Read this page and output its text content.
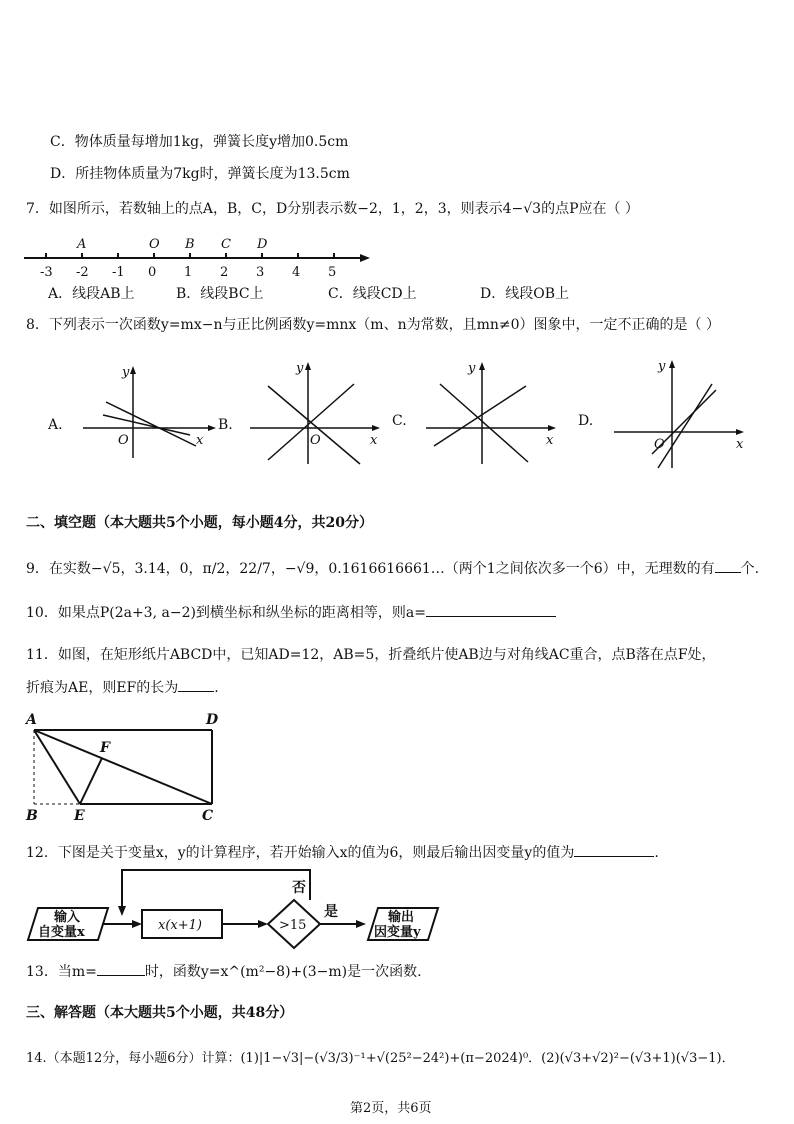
C．物体质量每增加1kg，弹簧长度y增加0.5cm
D．所挂物体质量为7kg时，弹簧长度为13.5cm
7．如图所示，若数轴上的点A，B，C，D分别表示数−2，1，2，3，则表示4−√3的点P应在（ ）
-3 -2 -1 0 1 2 3 4 5
A	O B C D
A．线段AB上	B．线段BC上	C．线段CD上	D．线段OB上
8．下列表示一次函数y=mx−n与正比例函数y=mnx（m、n为常数，且mn≠0）图象中，一定不正确的是（ ）
A.	B.	C.	D.
y
x
O
y
x
O
y
x
y
x
O
二、填空题（本大题共5个小题，每小题4分，共20分）
9．在实数−√5，3.14，0，π/2，22/7，−√9，0.1616616661…（两个1之间依次多一个6）中，无理数的有 个.
10．如果点P(2a+3, a−2)到横坐标和纵坐标的距离相等，则a=
11．如图，在矩形纸片ABCD中，已知AD=12，AB=5，折叠纸片使AB边与对角线AC重合，点B落在点F处，
折痕为AE，则EF的长为	.
A	D
F
B	E	C
12．下图是关于变量x，y的计算程序，若开始输入x的值为6，则最后输出因变量y的值为	.
输入
自变量x	x(x+1)	>15
否
是	输出
因变量y
13．当m=	时，函数y=x^(m²−8)+(3−m)是一次函数.
三、解答题（本大题共5个小题，共48分）
14.（本题12分，每小题6分）计算：(1)|1−√3|−(√3/3)⁻¹+√(25²−24²)+(π−2024)⁰．(2)(√3+√2)²−(√3+1)(√3−1)．
第2页，共6页
